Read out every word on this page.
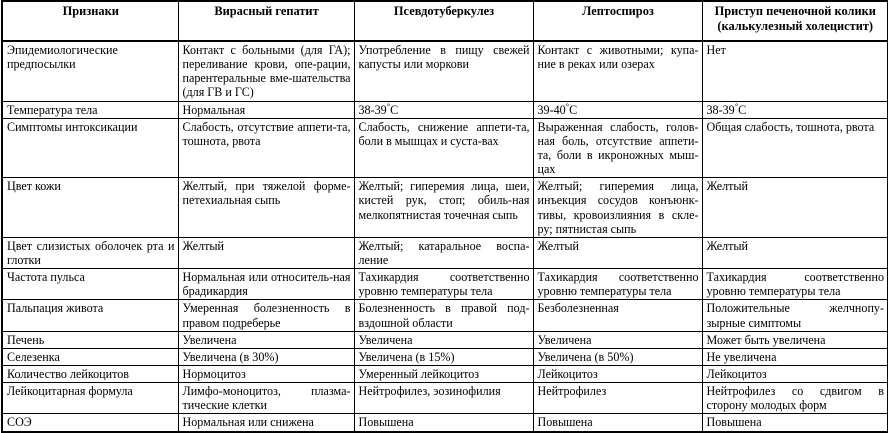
Признаки	Вирасный гепатит	Псевдотуберкулез	Лептоспироз	Приступ печеночной колики (калькулезный холецистит)

Эпидемиологические предпосылки	Контакт с больными (для ГА); переливание крови, опе-рации, парентеральные вме-шательства (для ГВ и ГС)	Употребление в пищу свежей капусты или моркови	Контакт с животными; купа-ние в реках или озерах	Нет
Температура тела	Нормальная	38-39°C	39-40°C	38-39°C
Симптомы интоксикации	Слабость, отсутствие аппети-та, тошнота, рвота	Слабость, снижение аппети-та, боли в мышцах и суста-вах	Выраженная слабость, голов-ная боль, отсутствие аппети-та, боли в икроножных мыш-цах	Общая слабость, тошнота, рвота
Цвет кожи	Желтый, при тяжелой форме-петехиальная сыпь	Желтый; гиперемия лица, шеи, кистей рук, стоп; обиль-ная мелкопятнистая точечная сыпь	Желтый; гиперемия лица, инъекция сосудов конъюнк-тивы, кровоизлияния в скле-ру; пятнистая сыпь	Желтый
Цвет слизистых оболочек рта и глотки	Желтый	Желтый; катаральное воспа-ление	Желтый	Желтый
Частота пульса	Нормальная или относитель-ная брадикардия	Тахикардия соответственно уровню температуры тела	Тахикардия соответственно уровню температуры тела	Тахикардия соответственно уровню температуры тела
Пальпация живота	Умеренная болезненность в правом подреберье	Болезненность в правой под-вздошной области	Безболезненная	Положительные желчнопу-зырные симптомы
Печень	Увеличена	Увеличена	Увеличена	Может быть увеличена
Селезенка	Увеличена (в 30%)	Увеличена (в 15%)	Увеличена (в 50%)	Не увеличена
Количество лейкоцитов	Нормоцитоз	Умеренный лейкоцитоз	Лейкоцитоз	Лейкоцитоз
Лейкоцитарная формула	Лимфо-моноцитоз, плазма-тические клетки	Нейтрофилез, эозинофилия	Нейтрофилез	Нейтрофилез со сдвигом в сторону молодых форм
СОЭ	Нормальная или снижена	Повышена	Повышена	Повышена
